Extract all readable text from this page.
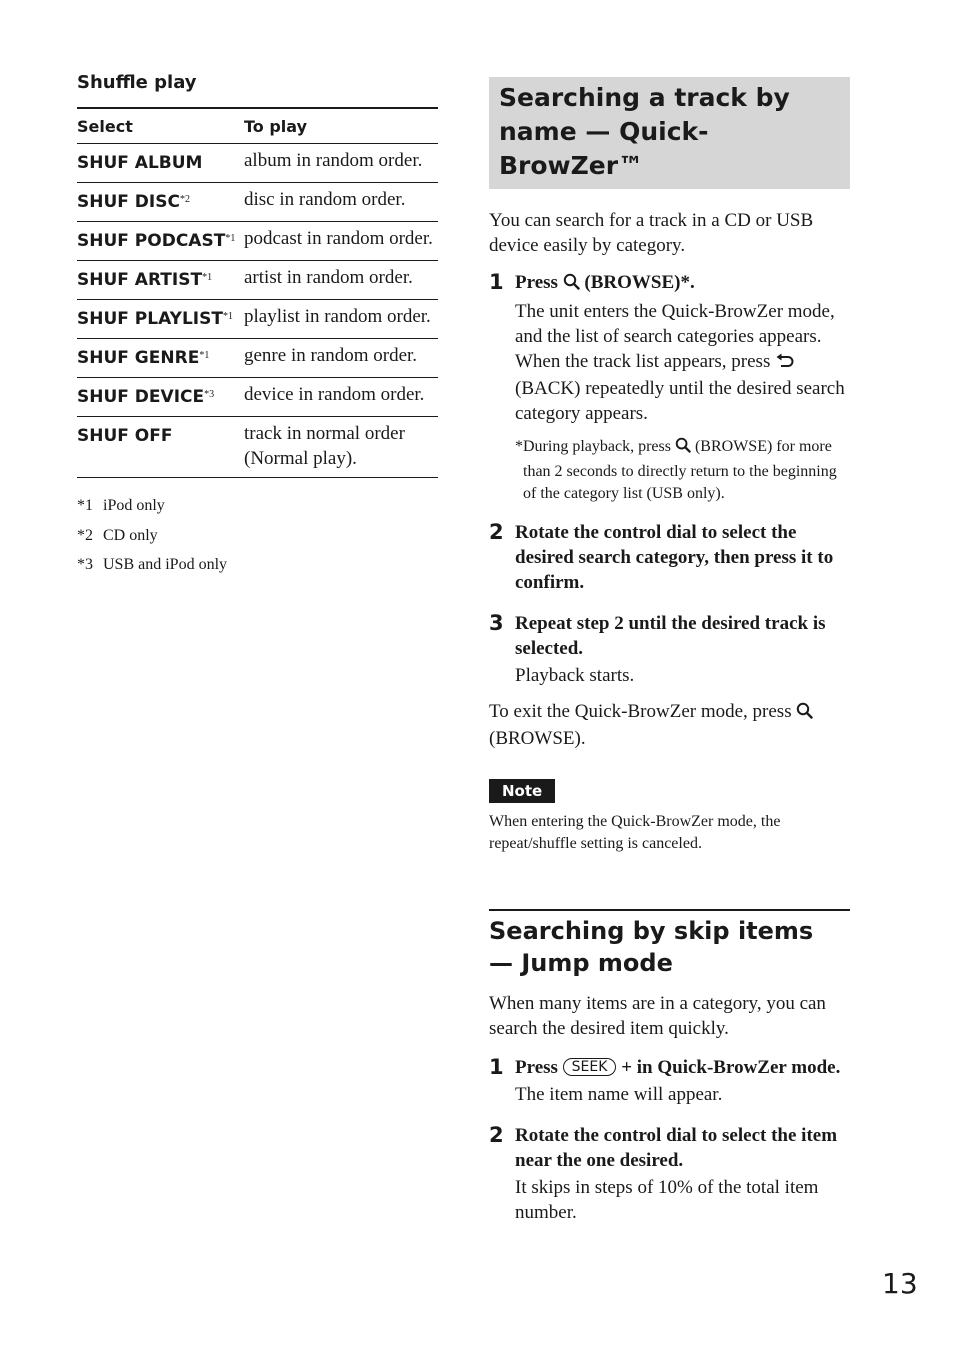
Shuffle play
Select	To play
SHUF ALBUM	album in random order.
SHUF DISC$^{*2}$	disc in random order.
SHUF PODCAST$^{*1}$	podcast in random order.
SHUF ARTIST$^{*1}$	artist in random order.
SHUF PLAYLIST$^{*1}$	playlist in random order.
SHUF GENRE$^{*1}$	genre in random order.
SHUF DEVICE$^{*3}$	device in random order.
SHUF OFF	track in normal order (Normal play).
*1 iPod only
*2 CD only
*3 USB and iPod only
Searching a track by name — Quick-BrowZer™
You can search for a track in a CD or USB device easily by category.
1 Press (BROWSE)*.
The unit enters the Quick-BrowZer mode, and the list of search categories appears.
When the track list appears, press  (BACK) repeatedly until the desired search category appears.
* During playback, press (BROWSE) for more than 2 seconds to directly return to the beginning of the category list (USB only).
2 Rotate the control dial to select the desired search category, then press it to confirm.
3 Repeat step 2 until the desired track is selected.
Playback starts.
To exit the Quick-BrowZer mode, press  (BROWSE).
Note
When entering the Quick-BrowZer mode, the repeat/shuffle setting is canceled.
Searching by skip items
— Jump mode
When many items are in a category, you can search the desired item quickly.
1 Press SEEK + in Quick-BrowZer mode.
The item name will appear.
2 Rotate the control dial to select the item near the one desired.
It skips in steps of 10% of the total item number.
13
